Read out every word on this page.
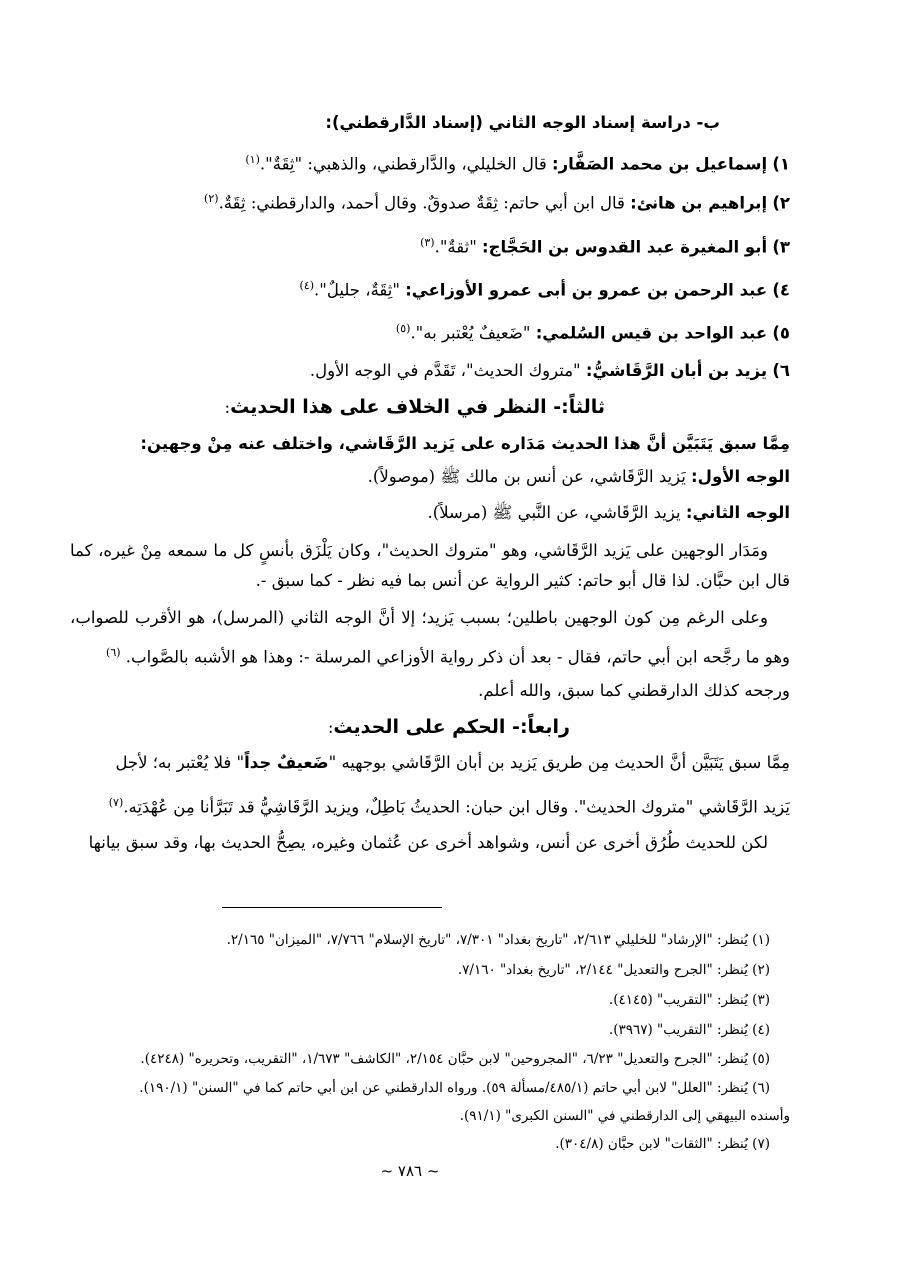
ب- دراسة إسناد الوجه الثاني (إسناد الدَّارقطني):
١) إسماعيل بن محمد الصَفَّار: قال الخليلي، والدَّارقطني، والذهبي: "ثِقَةٌ".$^{(١)}$
٢) إبراهيم بن هانئ: قال ابن أبي حاتم: ثِقَةٌ صدوقٌ. وقال أحمد، والدارقطني: ثِقَةٌ.$^{(٢)}$
٣) أبو المغيرة عبد القدوس بن الحَجَّاج: "ثقةٌ".$^{(٣)}$
٤) عبد الرحمن بن عمرو بن أبى عمرو الأوزاعي: "ثِقَةٌ، جليلٌ".$^{(٤)}$
٥) عبد الواحد بن قيس السُلمي: "ضَعيفٌ يُعْتبر به".$^{(٥)}$
٦) يزيد بن أبان الرَّقَاشيُّ: "متروك الحديث"، تَقَدَّم في الوجه الأول.
ثالثاً:- النظر في الخلاف على هذا الحديث:
مِمَّا سبق يَتَبَيَّن أنَّ هذا الحديث مَدَاره على يَزيد الرَّقَاشي، واختلف عنه مِنْ وجهين:
الوجه الأول: يَزيد الرَّقَاشي، عن أنس بن مالك ﷺ (موصولاً).
الوجه الثاني: يزيد الرَّقَاشي، عن النَّبي ﷺ (مرسلاً).
ومَدَار الوجهين على يَزيد الرَّقَاشي، وهو "متروك الحديث"، وكان يَلْزَق بأنسٍ كل ما سمعه مِنْ غيره، كما
قال ابن حبَّان. لذا قال أبو حاتم: كثير الرواية عن أنس بما فيه نظر - كما سبق -.
وعلى الرغم مِن كون الوجهين باطلين؛ بسبب يَزيد؛ إلا أنَّ الوجه الثاني (المرسل)، هو الأقرب للصواب،
وهو ما رجَّحه ابن أبي حاتم، فقال - بعد أن ذكر رواية الأوزاعي المرسلة -: وهذا هو الأشبه بالصَّواب. $^{(٦)}$
ورجحه كذلك الدارقطني كما سبق، والله أعلم.
رابعاً:- الحكم على الحديث:
مِمَّا سبق يَتَبَيَّن أنَّ الحديث مِن طريق يَزيد بن أبان الرَّقَاشي بوجهيه "ضَعيفٌ جداً" فلا يُعْتبر به؛ لأجل
يَزيد الرَّقَاشي "متروك الحديث". وقال ابن حبان: الحديثُ بَاطِلٌ، ويزيد الرَّقَاشِيُّ قد تَبَرَّأنا مِن عُهْدَتِه.$^{(٧)}$
لكن للحديث طُرُق أخرى عن أنس، وشواهد أخرى عن عُثمان وغيره، يصِحُّ الحديث بها، وقد سبق بيانها
(١) يُنظر: "الإرشاد" للخليلي ٢/٦١٣، "تاريخ بغداد" ٧/٣٠١، "تاريخ الإسلام" ٧/٧٦٦، "الميزان" ٢/١٦٥.
(٢) يُنظر: "الجرح والتعديل" ٢/١٤٤، "تاريخ بغداد" ٧/١٦٠.
(٣) يُنظر: "التقريب" (٤١٤٥).
(٤) يُنظر: "التقريب" (٣٩٦٧).
(٥) يُنظر: "الجرح والتعديل" ٦/٢٣، "المجروحين" لابن حبَّان ٢/١٥٤، "الكاشف" ١/٦٧٣، "التقريب، وتحريره" (٤٢٤٨).
(٦) يُنظر: "العلل" لابن أبي حاتم (٤٨٥/١/مسألة ٥٩). ورواه الدارقطني عن ابن أبي حاتم كما في "السنن" (١٩٠/١).
وأسنده البيهقي إلى الدارقطني في "السنن الكبرى" (٩١/١).
(٧) يُنظر: "الثقات" لابن حبَّان (٣٠٤/٨).
~ ٧٨٦ ~
